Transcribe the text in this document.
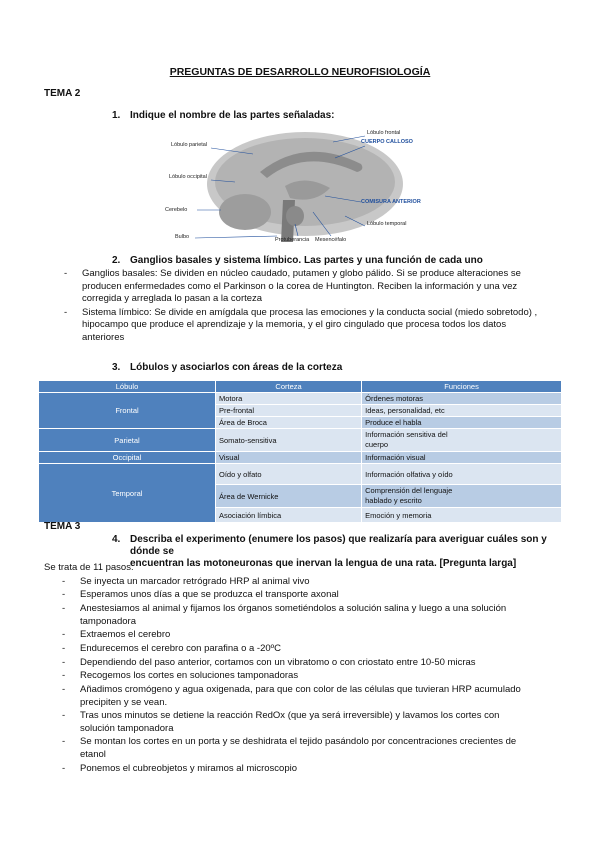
PREGUNTAS DE DESARROLLO NEUROFISIOLOGÍA
TEMA 2
1. Indique el nombre de las partes señaladas:
Lóbulo parietal
Lóbulo occipital
Cerebelo
Bulbo	Protuberancia Mesencéfalo
Lóbulo frontal
CUERPO CALLOSO
COMISURA ANTERIOR
Lóbulo temporal
2. Ganglios basales y sistema límbico. Las partes y una función de cada uno
- Ganglios basales: Se dividen en núcleo caudado, putamen y globo pálido. Si se produce alteraciones se
producen enfermedades como el Parkinson o la corea de Huntington. Reciben la información y una vez
corregida y arreglada lo pasan a la corteza
- Sistema límbico: Se divide en amígdala que procesa las emociones y la conducta social (miedo sobretodo) ,
hipocampo que produce el aprendizaje y la memoria, y el giro cingulado que procesa todos los datos
anteriores
3. Lóbulos y asociarlos con áreas de la corteza
Lóbulo	Corteza	Funciones
Frontal	Motora	Órdenes motoras
	Pre-frontal	Ideas, personalidad, etc
	Área de Broca	Produce el habla
Parietal	Somato-sensitiva	Información sensitiva del
cuerpo

Occipital	Visual	Información visual
Temporal	Oído y olfato	Información olfativa y oído
	Área de Wernicke	Comprensión del lenguaje
hablado y escrito

	Asociación límbica	Emoción y memoria
TEMA 3
4. Describa el experimento (enumere los pasos) que realizaría para averiguar cuáles son y dónde se
encuentran las motoneuronas que inervan la lengua de una rata. [Pregunta larga]
Se trata de 11 pasos:
- Se inyecta un marcador retrógrado HRP al animal vivo
- Esperamos unos días a que se produzca el transporte axonal
- Anestesiamos al animal y fijamos los órganos sometiéndolos a solución salina y luego a una solución
tamponadora
- Extraemos el cerebro
- Endurecemos el cerebro con parafina o a -20ºC
- Dependiendo del paso anterior, cortamos con un vibratomo o con criostato entre 10-50 micras
- Recogemos los cortes en soluciones tamponadoras
- Añadimos cromógeno y agua oxigenada, para que con color de las células que tuvieran HRP acumulado
precipiten y se vean.
- Tras unos minutos se detiene la reacción RedOx (que ya será irreversible) y lavamos los cortes con
solución tamponadora
- Se montan los cortes en un porta y se deshidrata el tejido pasándolo por concentraciones crecientes de
etanol
- Ponemos el cubreobjetos y miramos al microscopio
